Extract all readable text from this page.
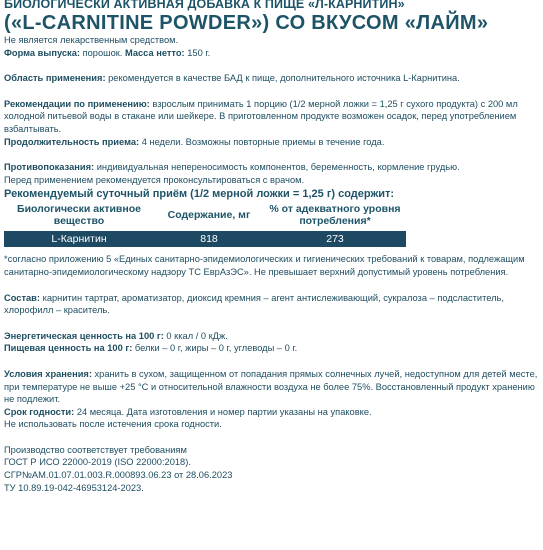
БИОЛОГИЧЕСКИ АКТИВНАЯ ДОБАВКА К ПИЩЕ «Л-КАРНИТИН»
(«L-CARNITINE POWDER») СО ВКУСОМ «ЛАЙМ»
Не является лекарственным средством.
Форма выпуска: порошок. Масса нетто: 150 г.
Область применения: рекомендуется в качестве БАД к пище, дополнительного источника L-Карнитина.
Рекомендации по применению: взрослым принимать 1 порцию (1/2 мерной ложки = 1,25 г сухого продукта) с 200 мл холодной питьевой воды в стакане или шейкере. В приготовленном продукте возможен осадок, перед употреблением взбалтывать.
Продолжительность приема: 4 недели. Возможны повторные приемы в течение года.
Противопоказания: индивидуальная непереносимость компонентов, беременность, кормление грудью.
Перед применением рекомендуется проконсультироваться с врачом.
Рекомендуемый суточный приём (1/2 мерной ложки = 1,25 г) содержит:
Биологически активное вещество	Содержание, мг	% от адекватного уровня потребления*
L-Карнитин	818	273
*согласно приложению 5 «Единых санитарно-эпидемиологических и гигиенических требований к товарам, подлежащим санитарно-эпидемиологическому надзору ТС ЕврАзЭС». Не превышает верхний допустимый уровень потребления.
Состав: карнитин тартрат, ароматизатор, диоксид кремния – агент антислеживающий, сукралоза – подсластитель, хлорофилл – краситель.
Энергетическая ценность на 100 г: 0 ккал / 0 кДж.
Пищевая ценность на 100 г: белки – 0 г, жиры – 0 г, углеводы – 0 г.
Условия хранения: хранить в сухом, защищенном от попадания прямых солнечных лучей, недоступном для детей месте, при температуре не выше +25 °С и относительной влажности воздуха не более 75%. Восстановленный продукт хранению не подлежит.
Срок годности: 24 месяца. Дата изготовления и номер партии указаны на упаковке.
Не использовать после истечения срока годности.
Производство соответствует требованиям
ГОСТ Р ИСО 22000-2019 (ISO 22000:2018).
СГР№AM.01.07.01.003.R.000893.06.23 от 28.06.2023
ТУ 10.89.19-042-46953124-2023.
